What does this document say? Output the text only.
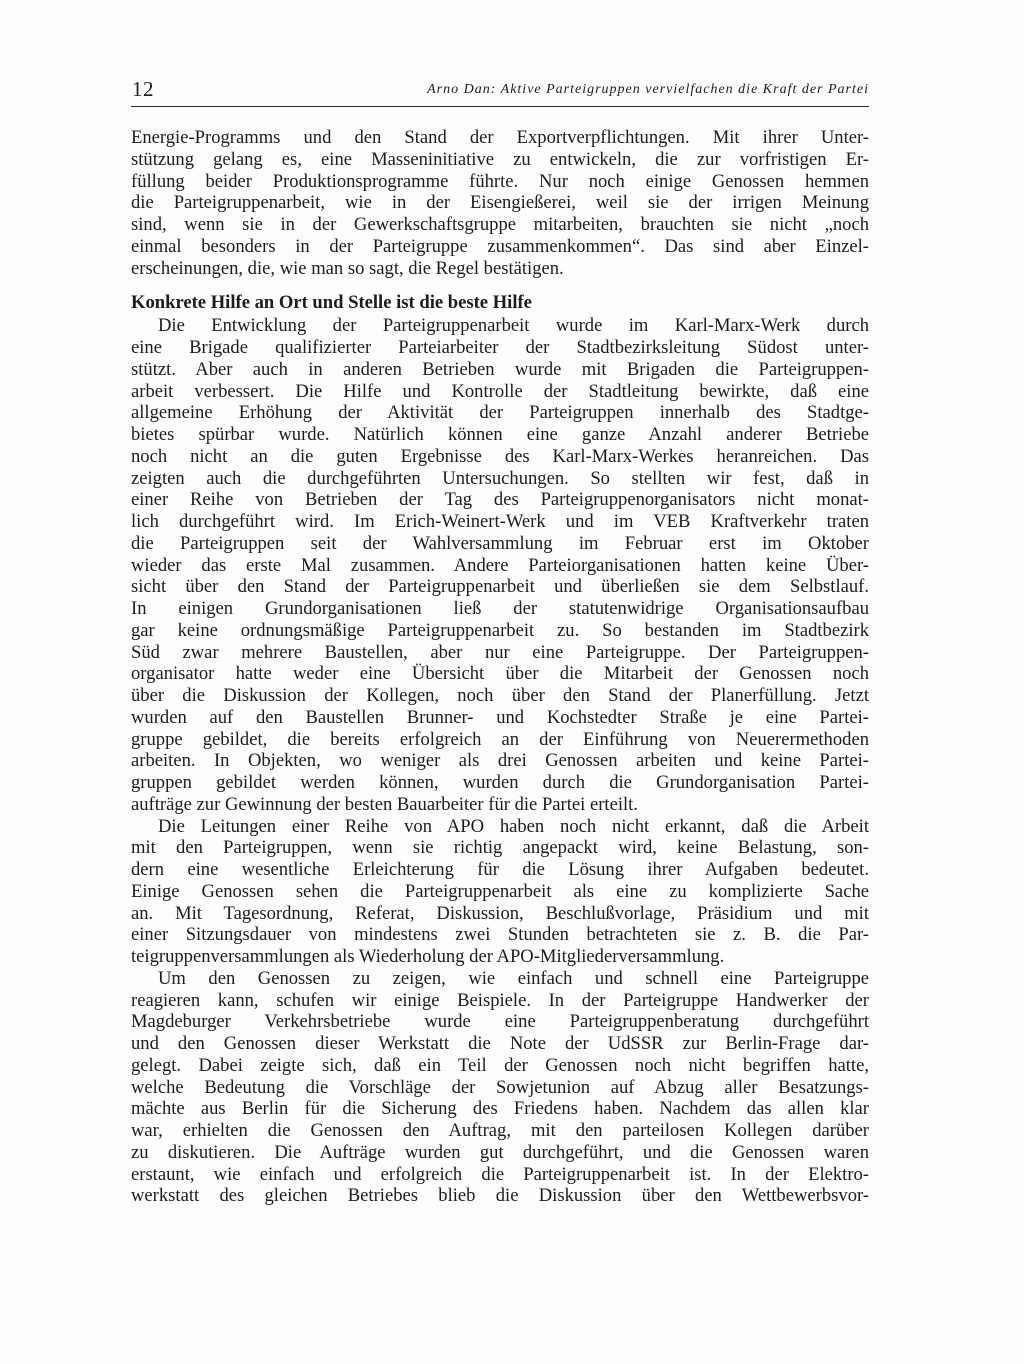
12	Arno Dan: Aktive Parteigruppen vervielfachen die Kraft der Partei
Energie-Programms und den Stand der Exportverpflichtungen. Mit ihrer Unter-
stützung gelang es, eine Masseninitiative zu entwickeln, die zur vorfristigen Er-
füllung beider Produktionsprogramme führte. Nur noch einige Genossen hemmen
die Parteigruppenarbeit, wie in der Eisengießerei, weil sie der irrigen Meinung
sind, wenn sie in der Gewerkschaftsgruppe mitarbeiten, brauchten sie nicht „noch
einmal besonders in der Parteigruppe zusammenkommen“. Das sind aber Einzel-
erscheinungen, die, wie man so sagt, die Regel bestätigen.
Konkrete Hilfe an Ort und Stelle ist die beste Hilfe
Die Entwicklung der Parteigruppenarbeit wurde im Karl-Marx-Werk durch
eine Brigade qualifizierter Parteiarbeiter der Stadtbezirksleitung Südost unter-
stützt. Aber auch in anderen Betrieben wurde mit Brigaden die Parteigruppen-
arbeit verbessert. Die Hilfe und Kontrolle der Stadtleitung bewirkte, daß eine
allgemeine Erhöhung der Aktivität der Parteigruppen innerhalb des Stadtge-
bietes spürbar wurde. Natürlich können eine ganze Anzahl anderer Betriebe
noch nicht an die guten Ergebnisse des Karl-Marx-Werkes heranreichen. Das
zeigten auch die durchgeführten Untersuchungen. So stellten wir fest, daß in
einer Reihe von Betrieben der Tag des Parteigruppenorganisators nicht monat-
lich durchgeführt wird. Im Erich-Weinert-Werk und im VEB Kraftverkehr traten
die Parteigruppen seit der Wahlversammlung im Februar erst im Oktober
wieder das erste Mal zusammen. Andere Parteiorganisationen hatten keine Über-
sicht über den Stand der Parteigruppenarbeit und überließen sie dem Selbstlauf.
In einigen Grundorganisationen ließ der statutenwidrige Organisationsaufbau
gar keine ordnungsmäßige Parteigruppenarbeit zu. So bestanden im Stadtbezirk
Süd zwar mehrere Baustellen, aber nur eine Parteigruppe. Der Parteigruppen-
organisator hatte weder eine Übersicht über die Mitarbeit der Genossen noch
über die Diskussion der Kollegen, noch über den Stand der Planerfüllung. Jetzt
wurden auf den Baustellen Brunner- und Kochstedter Straße je eine Partei-
gruppe gebildet, die bereits erfolgreich an der Einführung von Neuerermethoden
arbeiten. In Objekten, wo weniger als drei Genossen arbeiten und keine Partei-
gruppen gebildet werden können, wurden durch die Grundorganisation Partei-
aufträge zur Gewinnung der besten Bauarbeiter für die Partei erteilt.
Die Leitungen einer Reihe von APO haben noch nicht erkannt, daß die Arbeit
mit den Parteigruppen, wenn sie richtig angepackt wird, keine Belastung, son-
dern eine wesentliche Erleichterung für die Lösung ihrer Aufgaben bedeutet.
Einige Genossen sehen die Parteigruppenarbeit als eine zu komplizierte Sache
an. Mit Tagesordnung, Referat, Diskussion, Beschlußvorlage, Präsidium und mit
einer Sitzungsdauer von mindestens zwei Stunden betrachteten sie z. B. die Par-
teigruppenversammlungen als Wiederholung der APO-Mitgliederversammlung.
Um den Genossen zu zeigen, wie einfach und schnell eine Parteigruppe
reagieren kann, schufen wir einige Beispiele. In der Parteigruppe Handwerker der
Magdeburger Verkehrsbetriebe wurde eine Parteigruppenberatung durchgeführt
und den Genossen dieser Werkstatt die Note der UdSSR zur Berlin-Frage dar-
gelegt. Dabei zeigte sich, daß ein Teil der Genossen noch nicht begriffen hatte,
welche Bedeutung die Vorschläge der Sowjetunion auf Abzug aller Besatzungs-
mächte aus Berlin für die Sicherung des Friedens haben. Nachdem das allen klar
war, erhielten die Genossen den Auftrag, mit den parteilosen Kollegen darüber
zu diskutieren. Die Aufträge wurden gut durchgeführt, und die Genossen waren
erstaunt, wie einfach und erfolgreich die Parteigruppenarbeit ist. In der Elektro-
werkstatt des gleichen Betriebes blieb die Diskussion über den Wettbewerbsvor-
